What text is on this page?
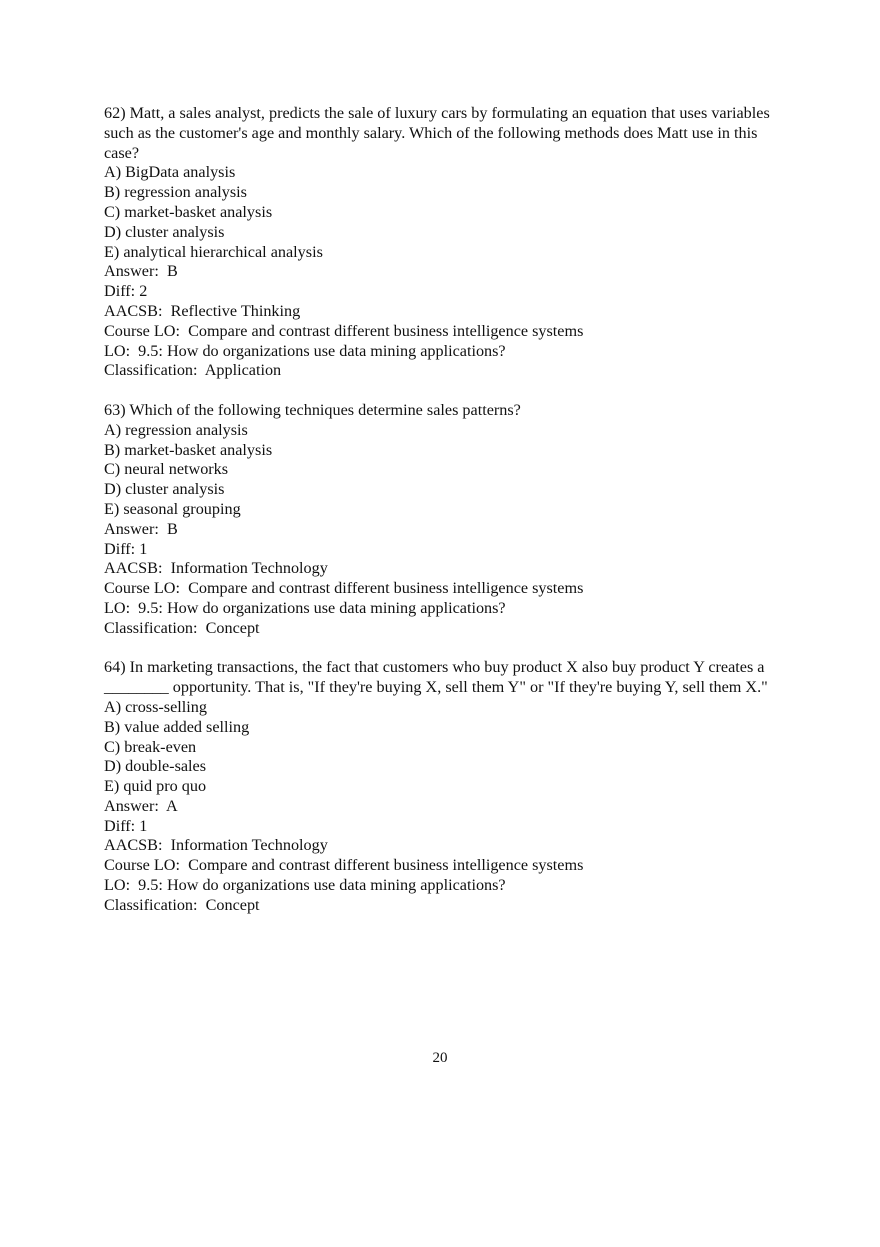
62) Matt, a sales analyst, predicts the sale of luxury cars by formulating an equation that uses variables such as the customer's age and monthly salary. Which of the following methods does Matt use in this case?

A) BigData analysis

B) regression analysis

C) market-basket analysis

D) cluster analysis

E) analytical hierarchical analysis

Answer:  B

Diff: 2

AACSB:  Reflective Thinking

Course LO:  Compare and contrast different business intelligence systems

LO:  9.5: How do organizations use data mining applications?

Classification:  Application

63) Which of the following techniques determine sales patterns?

A) regression analysis

B) market-basket analysis

C) neural networks

D) cluster analysis

E) seasonal grouping

Answer:  B

Diff: 1

AACSB:  Information Technology

Course LO:  Compare and contrast different business intelligence systems

LO:  9.5: How do organizations use data mining applications?

Classification:  Concept

64) In marketing transactions, the fact that customers who buy product X also buy product Y creates a ________ opportunity. That is, "If they're buying X, sell them Y" or "If they're buying Y, sell them X."

A) cross-selling

B) value added selling

C) break-even

D) double-sales

E) quid pro quo

Answer:  A

Diff: 1

AACSB:  Information Technology

Course LO:  Compare and contrast different business intelligence systems

LO:  9.5: How do organizations use data mining applications?

Classification:  Concept

20
